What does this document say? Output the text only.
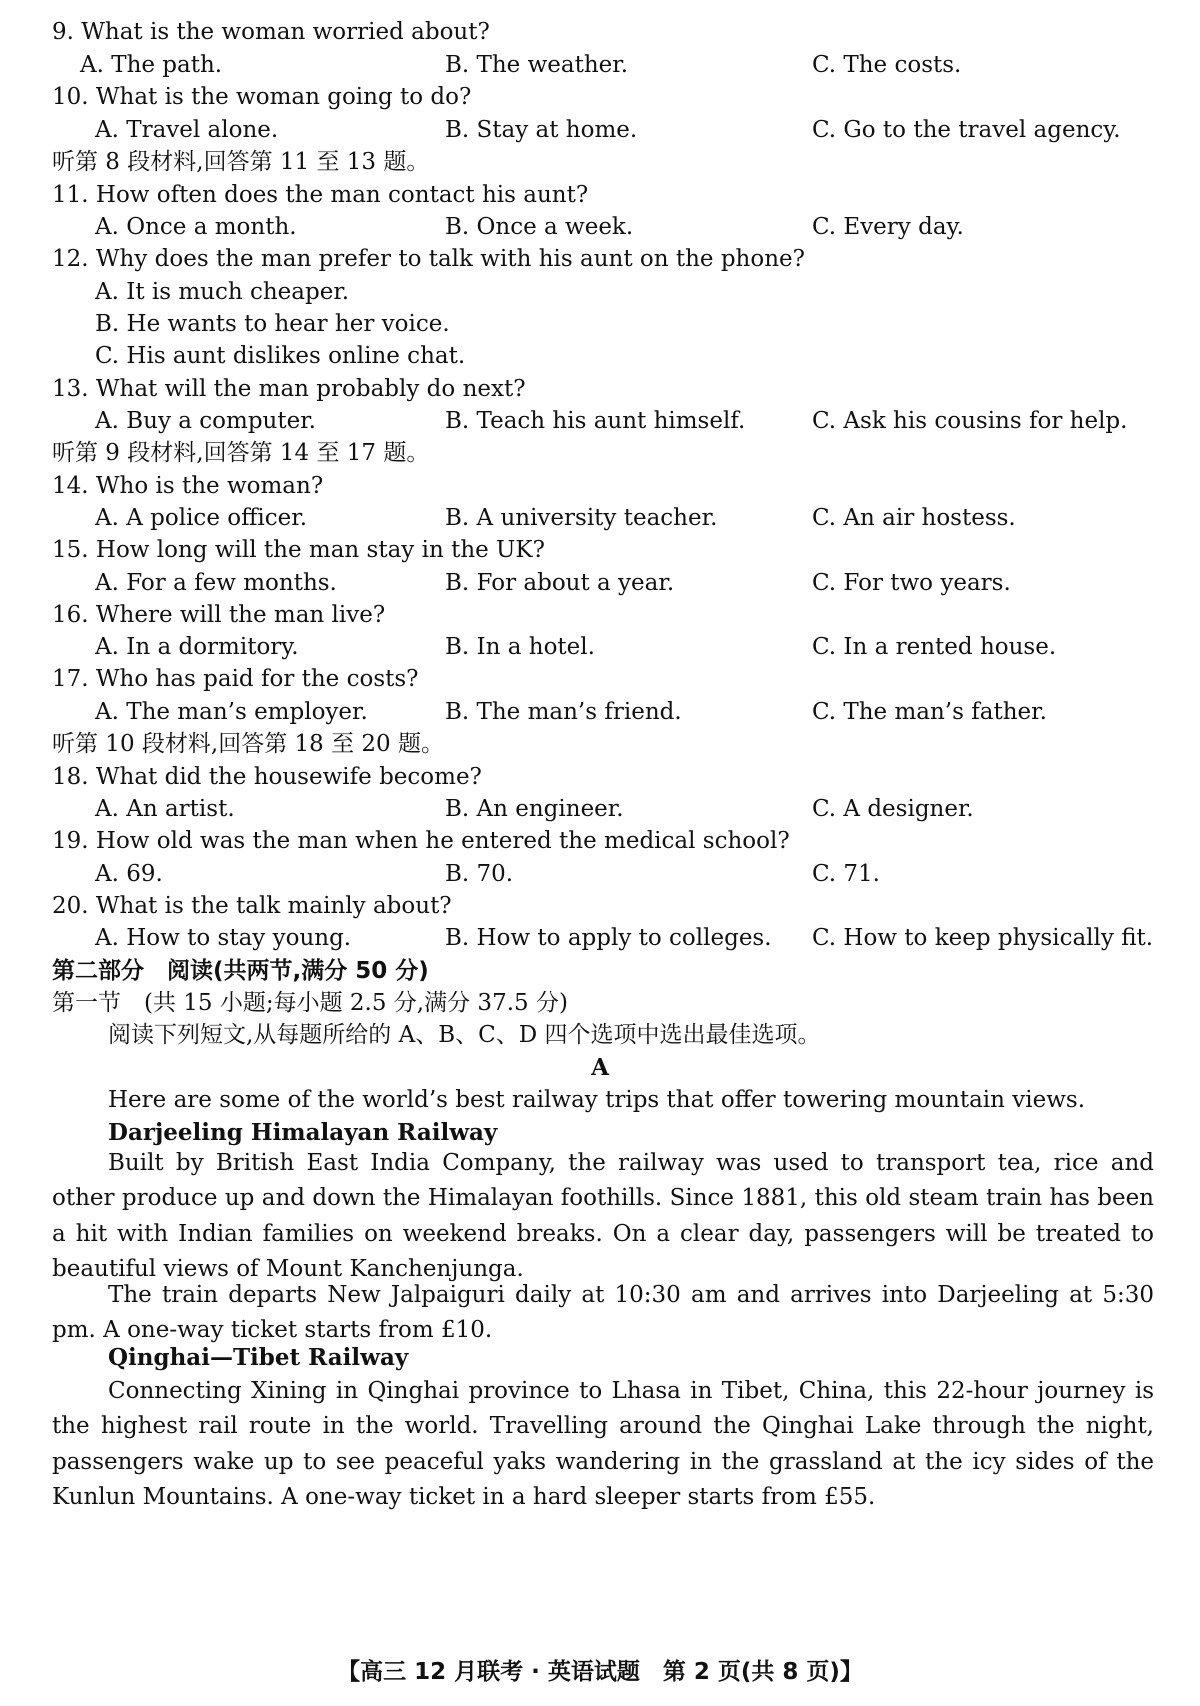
9. What is the woman worried about?
A. The path.	B. The weather.	C. The costs.
10. What is the woman going to do?
A. Travel alone.	B. Stay at home.	C. Go to the travel agency.
听第 8 段材料,回答第 11 至 13 题。
11. How often does the man contact his aunt?
A. Once a month.	B. Once a week.	C. Every day.
12. Why does the man prefer to talk with his aunt on the phone?
A. It is much cheaper.
B. He wants to hear her voice.
C. His aunt dislikes online chat.
13. What will the man probably do next?
A. Buy a computer.	B. Teach his aunt himself.	C. Ask his cousins for help.
听第 9 段材料,回答第 14 至 17 题。
14. Who is the woman?
A. A police officer.	B. A university teacher.	C. An air hostess.
15. How long will the man stay in the UK?
A. For a few months.	B. For about a year.	C. For two years.
16. Where will the man live?
A. In a dormitory.	B. In a hotel.	C. In a rented house.
17. Who has paid for the costs?
A. The man’s employer.	B. The man’s friend.	C. The man’s father.
听第 10 段材料,回答第 18 至 20 题。
18. What did the housewife become?
A. An artist.	B. An engineer.	C. A designer.
19. How old was the man when he entered the medical school?
A. 69.	B. 70.	C. 71.
20. What is the talk mainly about?
A. How to stay young.	B. How to apply to colleges. C. How to keep physically fit.
第二部分　阅读(共两节,满分 50 分)
第一节　(共 15 小题;每小题 2.5 分,满分 37.5 分)
阅读下列短文,从每题所给的 A、B、C、D 四个选项中选出最佳选项。
A
Here are some of the world’s best railway trips that offer towering mountain views.
Darjeeling Himalayan Railway
Built by British East India Company, the railway was used to transport tea, rice and other produce up and down the Himalayan foothills. Since 1881, this old steam train has been a hit with Indian families on weekend breaks. On a clear day, passengers will be treated to beautiful views of Mount Kanchenjunga.
The train departs New Jalpaiguri daily at 10:30 am and arrives into Darjeeling at 5:30 pm. A one-way ticket starts from £10.
Qinghai—Tibet Railway
Connecting Xining in Qinghai province to Lhasa in Tibet, China, this 22-hour journey is the highest rail route in the world. Travelling around the Qinghai Lake through the night, passengers wake up to see peaceful yaks wandering in the grassland at the icy sides of the Kunlun Mountains. A one-way ticket in a hard sleeper starts from £55.
【高三 12 月联考 · 英语试题　第 2 页(共 8 页)】
